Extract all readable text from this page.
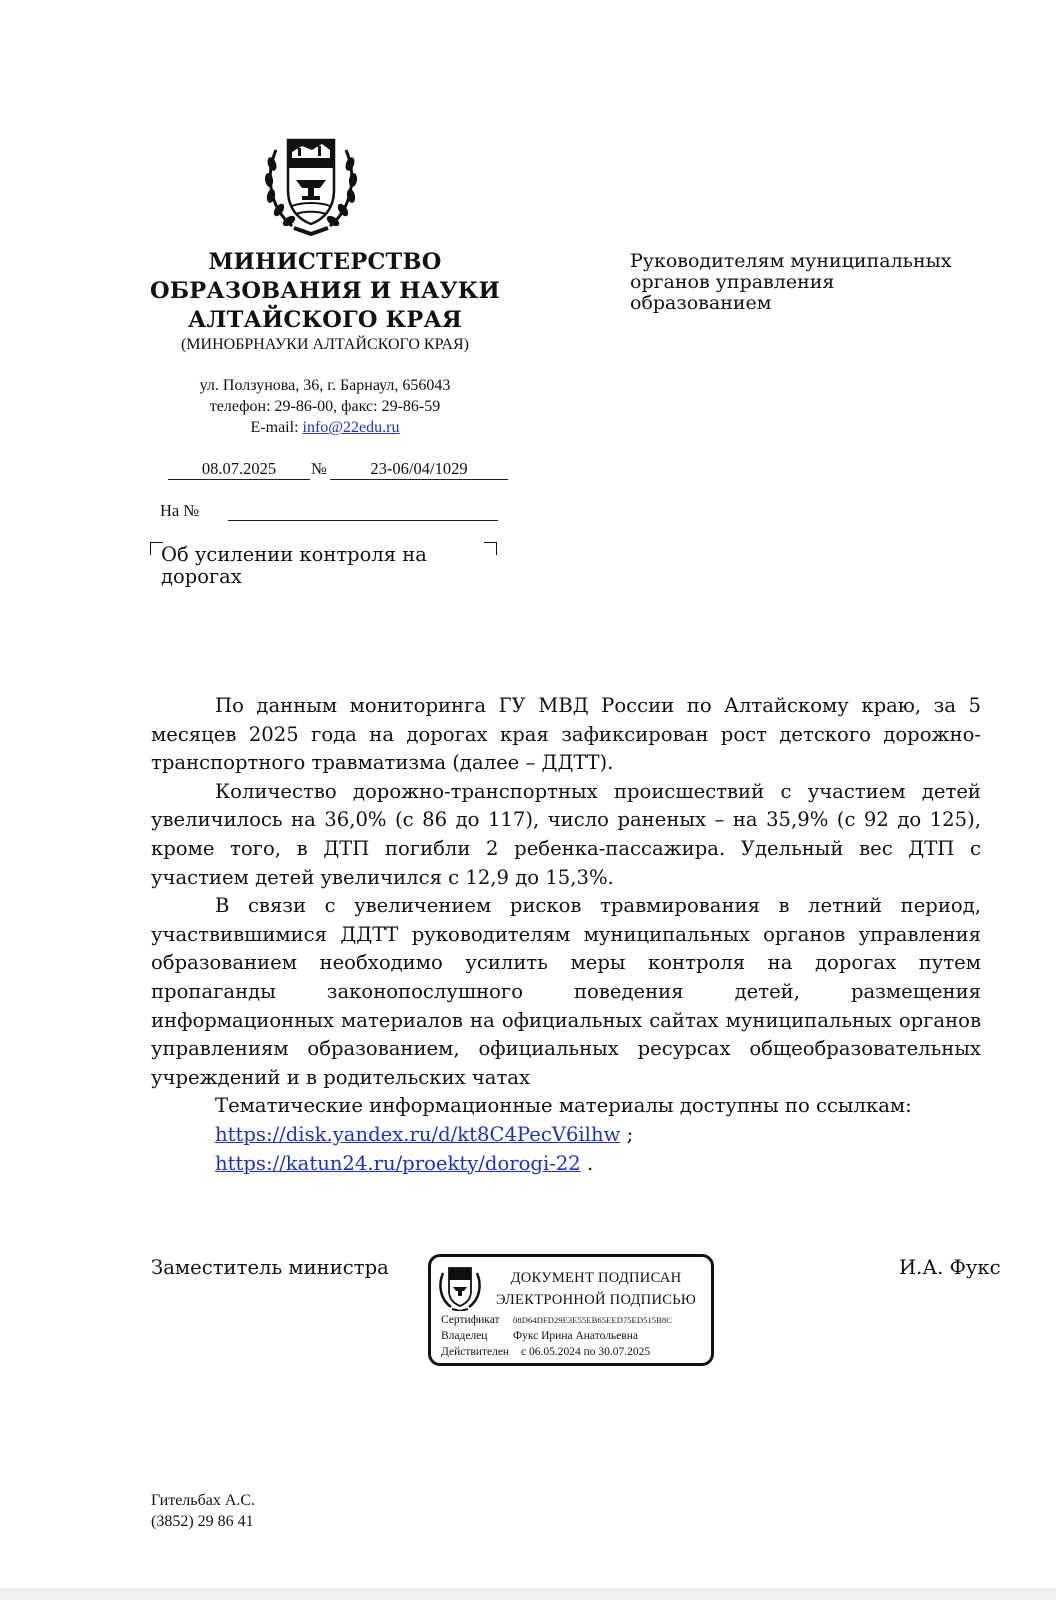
МИНИСТЕРСТВО
ОБРАЗОВАНИЯ И НАУКИ
АЛТАЙСКОГО КРАЯ
(МИНОБРНАУКИ АЛТАЙСКОГО КРАЯ)
ул. Ползунова, 36, г. Барнаул, 656043
телефон: 29-86-00, факс: 29-86-59
E-mail: info@22edu.ru
08.07.2025	№	23-06/04/1029
На №
Об усилении контроля на
дорогах
Руководителям муниципальных
органов управления
образованием

По данным мониторинга ГУ МВД России по Алтайскому краю, за 5 месяцев 2025 года на дорогах края зафиксирован рост детского дорожно-транспортного травматизма (далее – ДДТТ).

Количество дорожно-транспортных происшествий с участием детей увеличилось на 36,0% (с 86 до 117), число раненых – на 35,9% (с 92 до 125), кроме того, в ДТП погибли 2 ребенка-пассажира. Удельный вес ДТП с участием детей увеличился с 12,9 до 15,3%.

В связи с увеличением рисков травмирования в летний период, участвившимися ДДТТ руководителям муниципальных органов управления образованием необходимо усилить меры контроля на дорогах путем пропаганды законопослушного поведения детей, размещения информационных материалов на официальных сайтах муниципальных органов управлениям образованием, официальных ресурсах общеобразовательных учреждений и в родительских чатах

Тематические информационные материалы доступны по ссылкам:

https://disk.yandex.ru/d/kt8C4PecV6ilhw ;

https://katun24.ru/proekty/dorogi-22 .

Заместитель министра	И.А. Фукс
ДОКУМЕНТ ПОДПИСАН
ЭЛЕКТРОННОЙ ПОДПИСЬЮ
Сертификат 08D64DFD29E3E55EB65EED75ED515B8C
Владелец Фукс Ирина Анатольевна
Действителен с 06.05.2024 по 30.07.2025
Гительбах А.С.
(3852) 29 86 41
